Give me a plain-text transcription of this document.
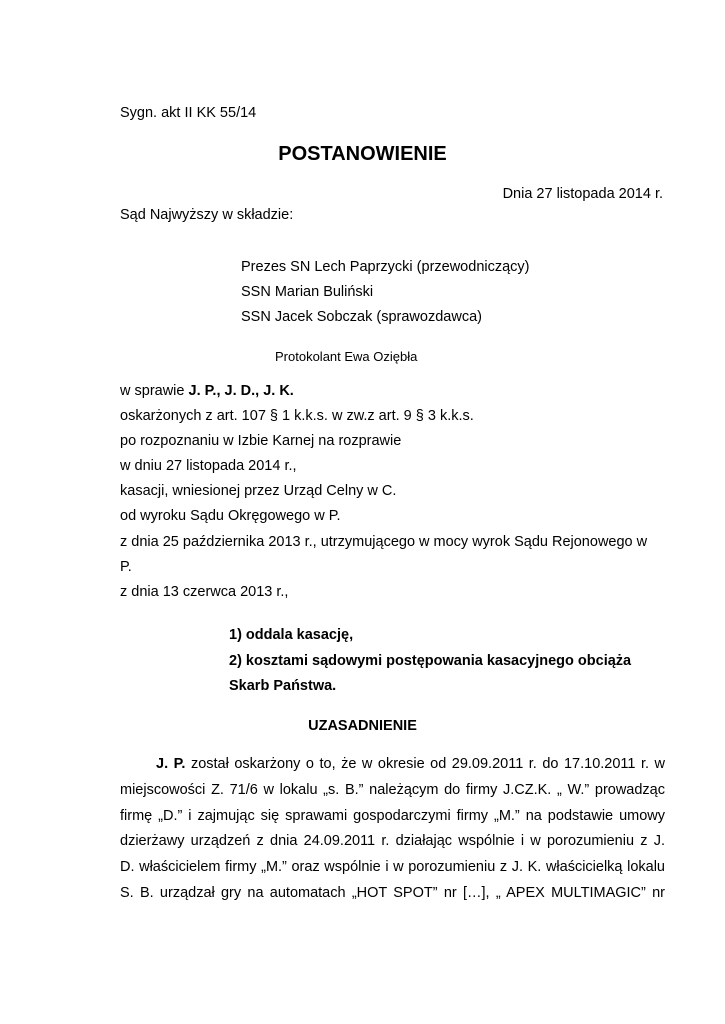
Sygn. akt II KK 55/14
POSTANOWIENIE
Dnia 27 listopada 2014 r.
Sąd Najwyższy w składzie:
Prezes SN Lech Paprzycki (przewodniczący)
SSN Marian Buliński
SSN Jacek Sobczak (sprawozdawca)
Protokolant Ewa Oziębła
w sprawie J. P., J. D., J. K.
oskarżonych z art. 107 § 1 k.k.s. w zw.z art. 9 § 3 k.k.s.
po rozpoznaniu w Izbie Karnej na rozprawie
w dniu 27 listopada 2014 r.,
kasacji, wniesionej przez Urząd Celny w C.
od wyroku Sądu Okręgowego w P.
z dnia 25 października 2013 r., utrzymującego w mocy wyrok Sądu Rejonowego w
P.
z dnia 13 czerwca 2013 r.,
1) oddala kasację,
2) kosztami sądowymi postępowania kasacyjnego obciąża
Skarb Państwa.
UZASADNIENIE
J. P. został oskarżony o to, że w okresie od 29.09.2011 r. do 17.10.2011 r. w
miejscowości Z. 71/6 w lokalu „s. B.” należącym do firmy J.CZ.K. „ W.” prowadząc
firmę „D.” i zajmując się sprawami gospodarczymi firmy „M.” na podstawie umowy
dzierżawy urządzeń z dnia 24.09.2011 r. działając wspólnie i w porozumieniu z J.
D. właścicielem firmy „M.” oraz wspólnie i w porozumieniu z J. K. właścicielką lokalu
S. B. urządzał gry na automatach „HOT SPOT” nr […], „ APEX MULTIMAGIC” nr
